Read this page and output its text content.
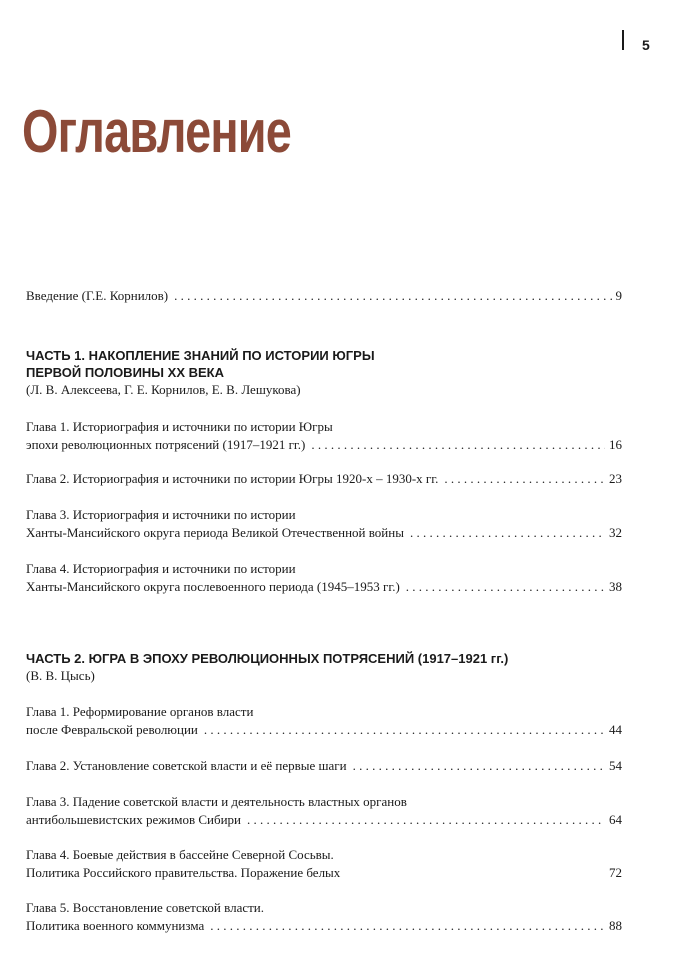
5
Оглавление
Введение (Г.Е. Корнилов) . . .	9
ЧАСТЬ 1. НАКОПЛЕНИЕ ЗНАНИЙ ПО ИСТОРИИ ЮГРЫ
ПЕРВОЙ ПОЛОВИНЫ ХХ ВЕКА
(Л. В. Алексеева, Г. Е. Корнилов, Е. В. Лешукова)
Глава 1. Историография и источники по истории Югры
эпохи революционных потрясений (1917–1921 гг.) . . .	16
Глава 2. Историография и источники по истории Югры 1920-х – 1930-х гг. . . .	23
Глава 3. Историография и источники по истории
Ханты-Мансийского округа периода Великой Отечественной войны . . .	32
Глава 4. Историография и источники по истории
Ханты-Мансийского округа послевоенного периода (1945–1953 гг.) . . .	38
ЧАСТЬ 2. ЮГРА В ЭПОХУ РЕВОЛЮЦИОННЫХ ПОТРЯСЕНИЙ (1917–1921 гг.)
(В. В. Цысь)
Глава 1. Реформирование органов власти
после Февральской революции . . .	44
Глава 2. Установление советской власти и её первые шаги . . .	54
Глава 3. Падение советской власти и деятельность властных органов
антибольшевистских режимов Сибири . . .	64
Глава 4. Боевые действия в бассейне Северной Сосьвы.
Политика Российского правительства. Поражение белых	72
Глава 5. Восстановление советской власти.
Политика военного коммунизма . . .	88
